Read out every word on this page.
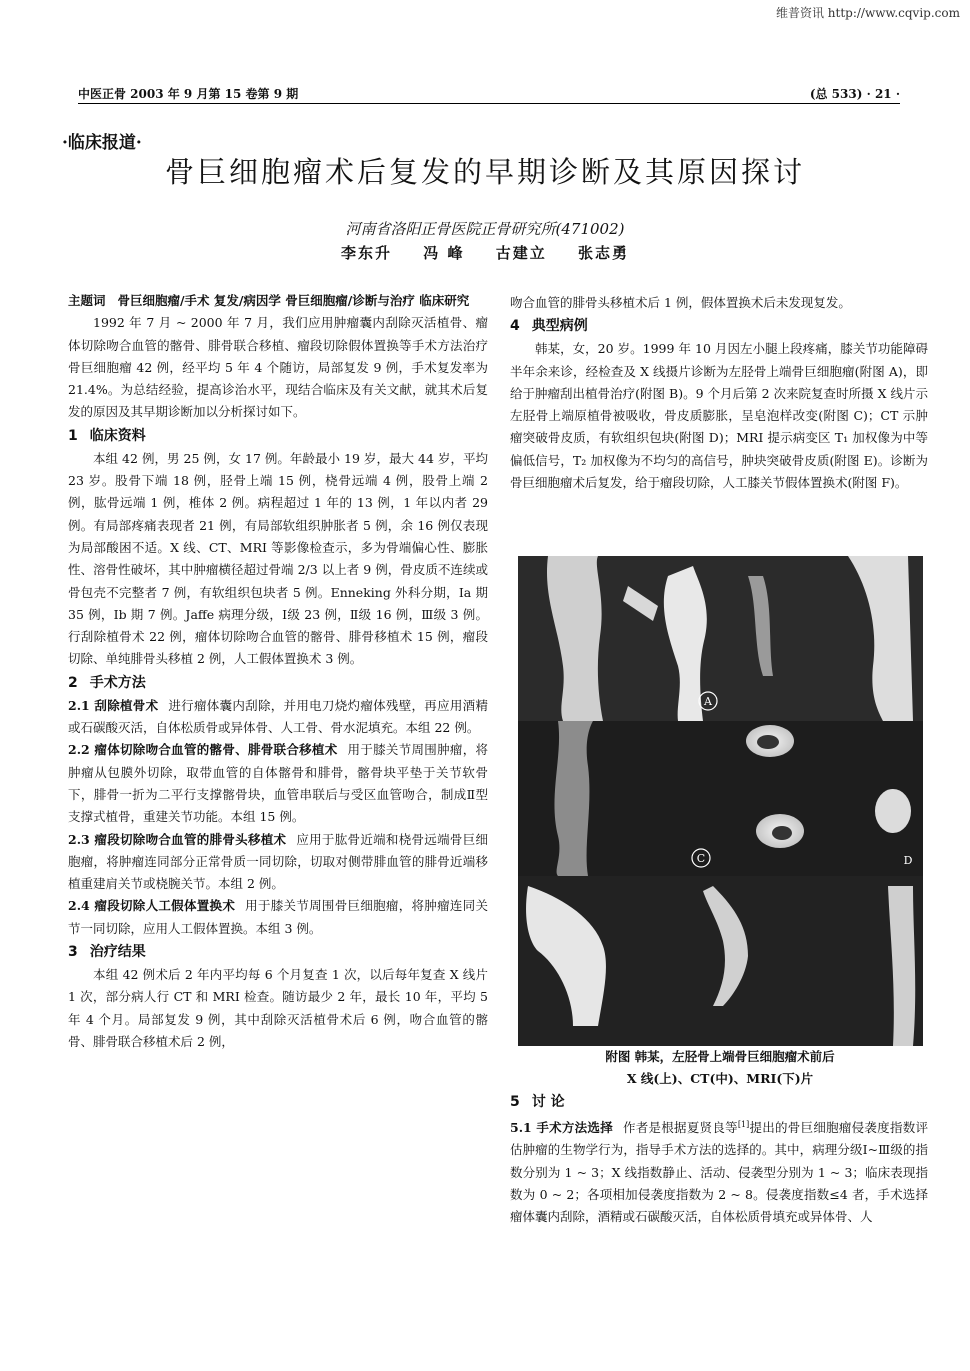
维普资讯 http://www.cqvip.com
中医正骨 2003 年 9 月第 15 卷第 9 期	(总 533) · 21 ·
·临床报道·
骨巨细胞瘤术后复发的早期诊断及其原因探讨
河南省洛阳正骨医院正骨研究所(471002)
李东升 冯 峰 古建立 张志勇

主题词 骨巨细胞瘤/手术 复发/病因学 骨巨细胞瘤/诊断与治疗 临床研究

1992 年 7 月 ~ 2000 年 7 月，我们应用肿瘤囊内刮除灭活植骨、瘤体切除吻合血管的髂骨、腓骨联合移植、瘤段切除假体置换等手术方法治疗骨巨细胞瘤 42 例，经平均 5 年 4 个随访，局部复发 9 例，手术复发率为 21.4%。为总结经验，提高诊治水平，现结合临床及有关文献，就其术后复发的原因及其早期诊断加以分析探讨如下。

1 临床资料

本组 42 例，男 25 例，女 17 例。年龄最小 19 岁，最大 44 岁，平均 23 岁。股骨下端 18 例，胫骨上端 15 例，桡骨远端 4 例，股骨上端 2 例，肱骨远端 1 例，椎体 2 例。病程超过 1 年的 13 例，1 年以内者 29 例。有局部疼痛表现者 21 例，有局部软组织肿胀者 5 例，余 16 例仅表现为局部酸困不适。X 线、CT、MRI 等影像检查示，多为骨端偏心性、膨胀性、溶骨性破坏，其中肿瘤横径超过骨端 2/3 以上者 9 例，骨皮质不连续或骨包壳不完整者 7 例，有软组织包块者 5 例。Enneking 外科分期，Ia 期 35 例，Ib 期 7 例。Jaffe 病理分级，Ⅰ级 23 例，Ⅱ级 16 例，Ⅲ级 3 例。行刮除植骨术 22 例，瘤体切除吻合血管的髂骨、腓骨移植术 15 例，瘤段切除、单纯腓骨头移植 2 例，人工假体置换术 3 例。

2 手术方法

2.1 刮除植骨术 进行瘤体囊内刮除，并用电刀烧灼瘤体残壁，再应用酒精或石碳酸灭活，自体松质骨或异体骨、人工骨、骨水泥填充。本组 22 例。

2.2 瘤体切除吻合血管的髂骨、腓骨联合移植术 用于膝关节周围肿瘤，将肿瘤从包膜外切除，取带血管的自体髂骨和腓骨，髂骨块平垫于关节软骨下，腓骨一折为二平行支撑髂骨块，血管串联后与受区血管吻合，制成Ⅱ型支撑式植骨，重建关节功能。本组 15 例。

2.3 瘤段切除吻合血管的腓骨头移植术 应用于肱骨近端和桡骨远端骨巨细胞瘤，将肿瘤连同部分正常骨质一同切除，切取对侧带腓血管的腓骨近端移植重建肩关节或桡腕关节。本组 2 例。

2.4 瘤段切除人工假体置换术 用于膝关节周围骨巨细胞瘤，将肿瘤连同关节一同切除，应用人工假体置换。本组 3 例。

3 治疗结果

本组 42 例术后 2 年内平均每 6 个月复查 1 次，以后每年复查 X 线片 1 次，部分病人行 CT 和 MRI 检查。随访最少 2 年，最长 10 年，平均 5 年 4 个月。局部复发 9 例，其中刮除灭活植骨术后 6 例，吻合血管的髂骨、腓骨联合移植术后 2 例，

吻合血管的腓骨头移植术后 1 例，假体置换术后未发现复发。

4 典型病例

韩某，女，20 岁。1999 年 10 月因左小腿上段疼痛，膝关节功能障碍半年余来诊，经检查及 X 线摄片诊断为左胫骨上端骨巨细胞瘤(附图 A)，即给于肿瘤刮出植骨治疗(附图 B)。9 个月后第 2 次来院复查时所摄 X 线片示左胫骨上端原植骨被吸收，骨皮质膨胀，呈皂泡样改变(附图 C)；CT 示肿瘤突破骨皮质，有软组织包块(附图 D)；MRI 提示病变区 T₁ 加权像为中等偏低信号，T₂ 加权像为不均匀的高信号，肿块突破骨皮质(附图 E)。诊断为骨巨细胞瘤术后复发，给于瘤段切除，人工膝关节假体置换术(附图 F)。

A
C	D
附图 韩某，左胫骨上端骨巨细胞瘤术前后
X 线(上)、CT(中)、MRI(下)片

5 讨 论

5.1 手术方法选择 作者是根据夏贤良等[1]提出的骨巨细胞瘤侵袭度指数评估肿瘤的生物学行为，指导手术方法的选择的。其中，病理分级Ⅰ~Ⅲ级的指数分别为 1 ~ 3；X 线指数静止、活动、侵袭型分别为 1 ~ 3；临床表现指数为 0 ~ 2；各项相加侵袭度指数为 2 ~ 8。侵袭度指数≤4 者，手术选择瘤体囊内刮除，酒精或石碳酸灭活，自体松质骨填充或异体骨、人
